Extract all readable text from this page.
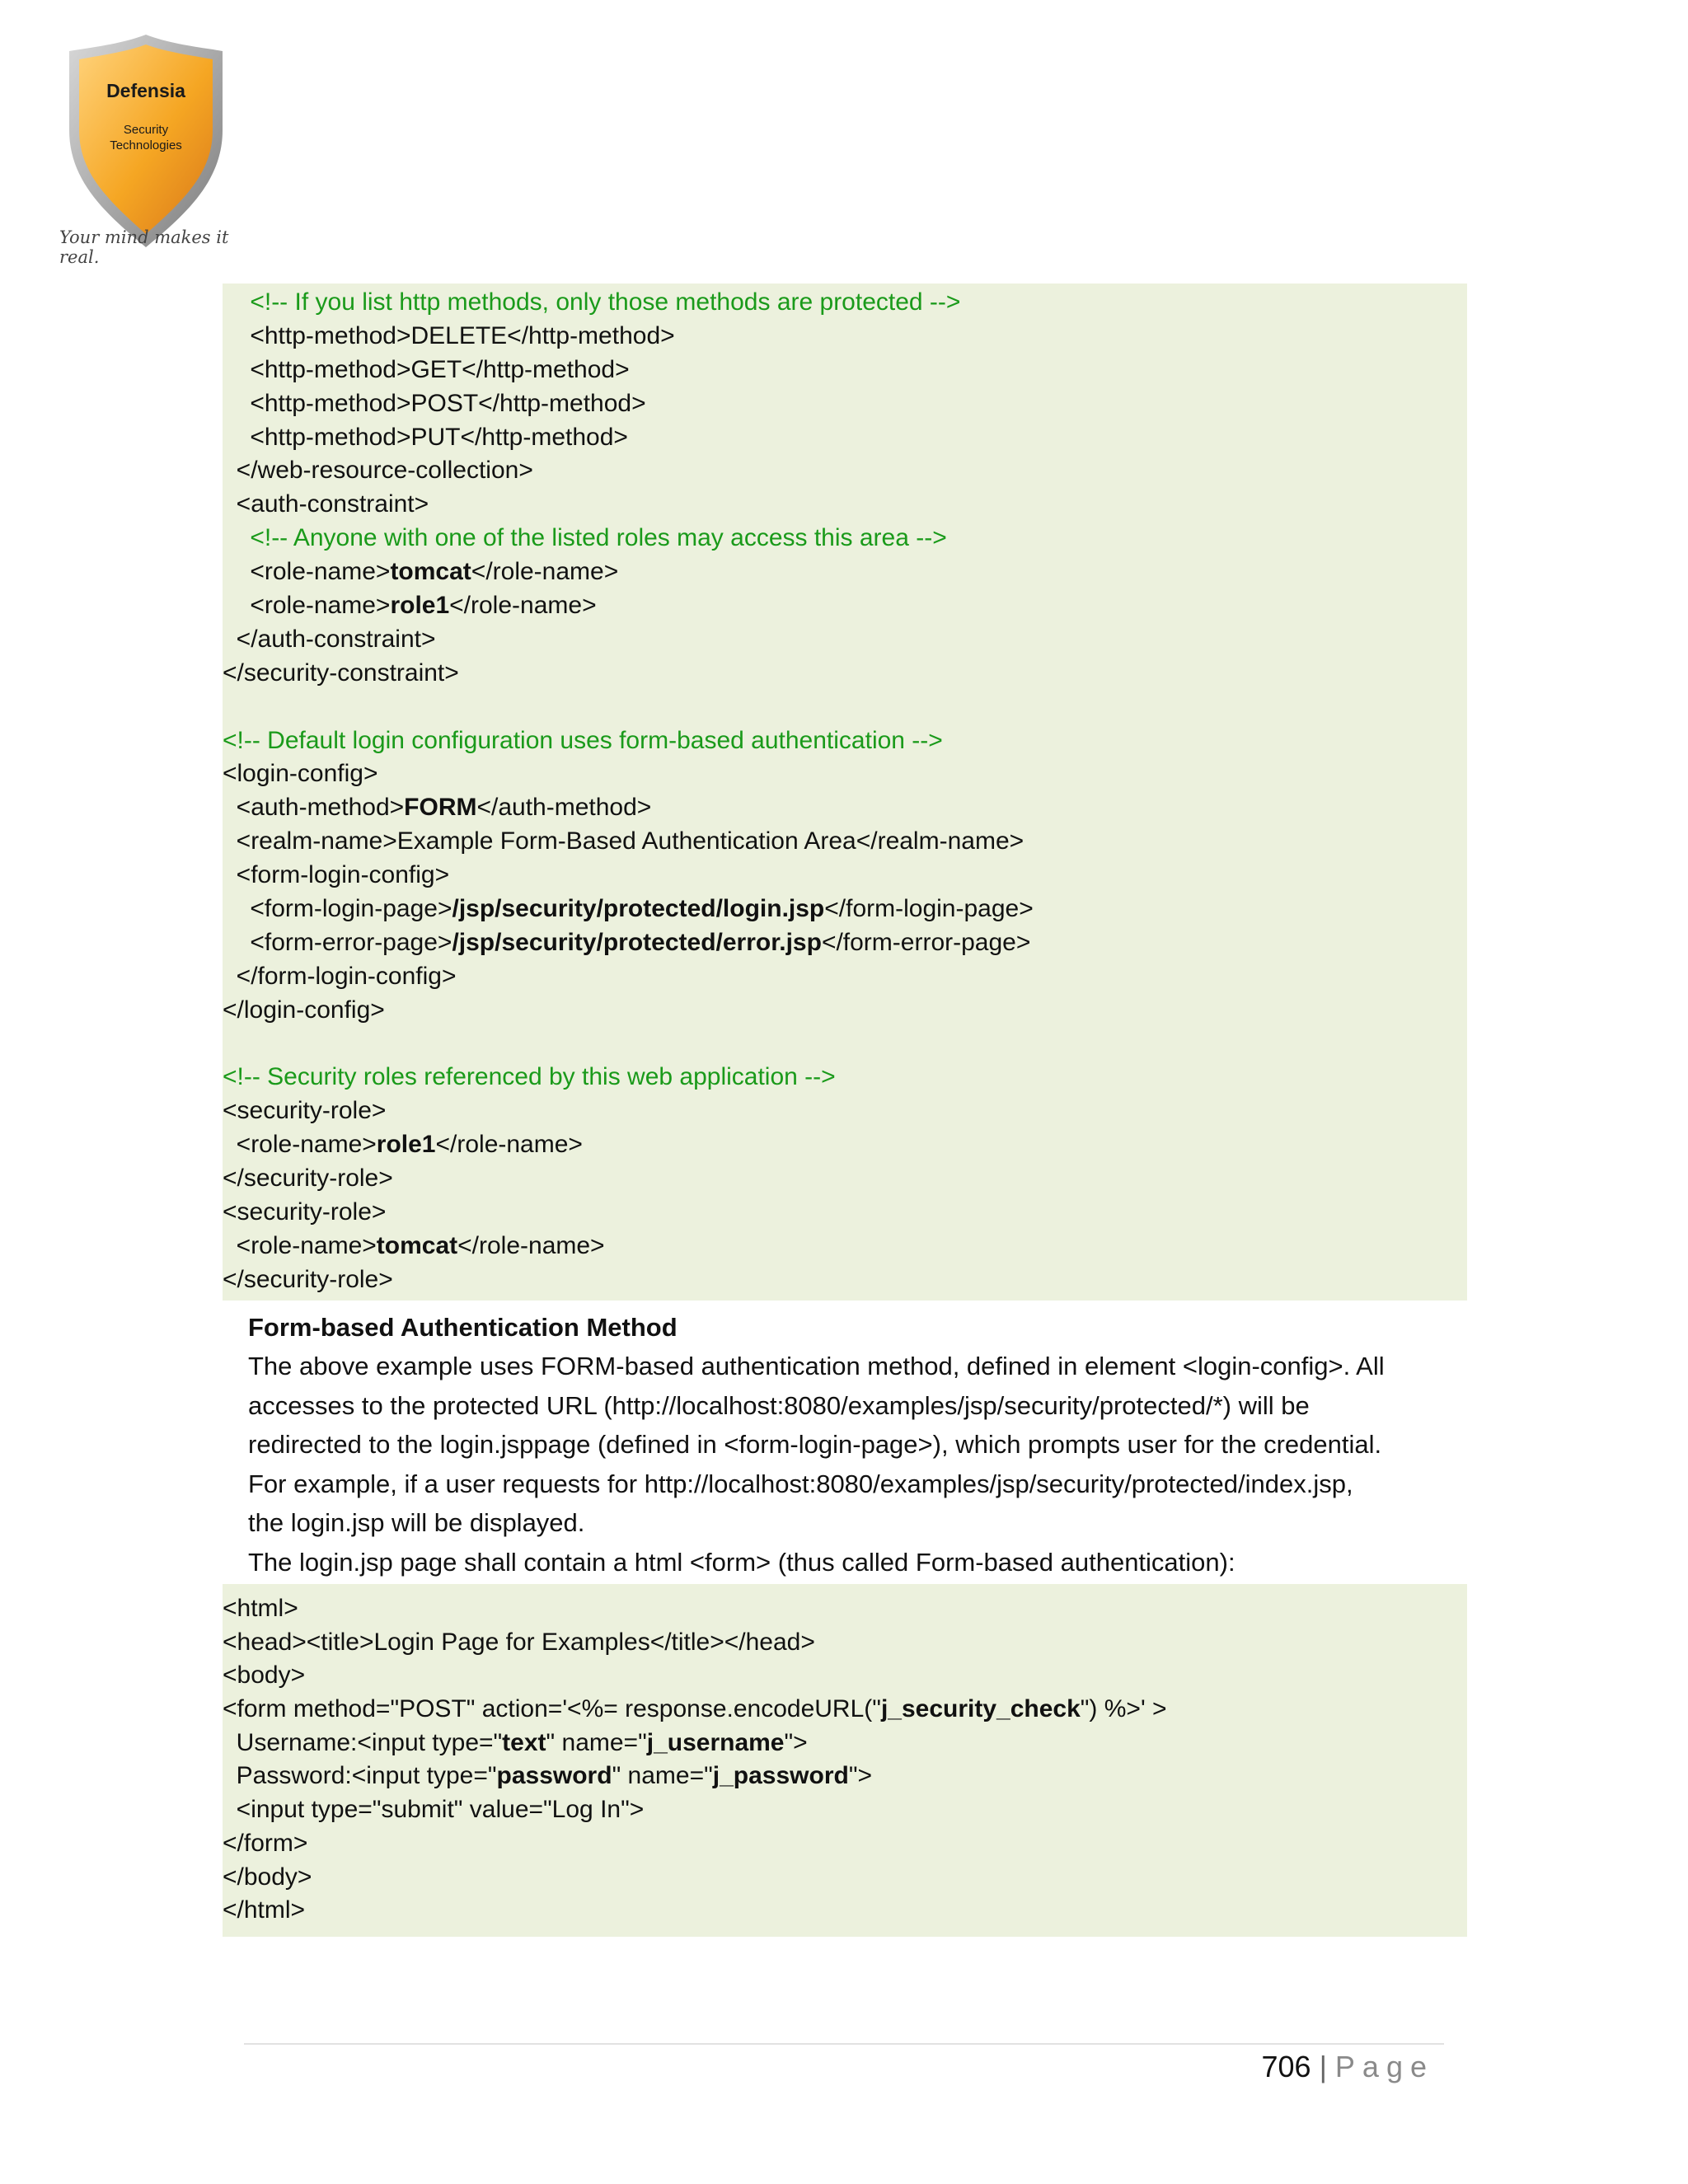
Defensia
Security
Technologies
Your mind makes it real.
<!-- If you list http methods, only those methods are protected -->
<http-method>DELETE</http-method>
<http-method>GET</http-method>
<http-method>POST</http-method>
<http-method>PUT</http-method>
</web-resource-collection>
<auth-constraint>
<!-- Anyone with one of the listed roles may access this area -->
<role-name>tomcat</role-name>
<role-name>role1</role-name>
</auth-constraint>
</security-constraint>
<!-- Default login configuration uses form-based authentication -->
<login-config>
<auth-method>FORM</auth-method>
<realm-name>Example Form-Based Authentication Area</realm-name>
<form-login-config>
<form-login-page>/jsp/security/protected/login.jsp</form-login-page>
<form-error-page>/jsp/security/protected/error.jsp</form-error-page>
</form-login-config>
</login-config>
<!-- Security roles referenced by this web application -->
<security-role>
<role-name>role1</role-name>
</security-role>
<security-role>
<role-name>tomcat</role-name>
</security-role>
Form-based Authentication Method

The above example uses FORM-based authentication method, defined in element <login-config>. All

accesses to the protected URL (http://localhost:8080/examples/jsp/security/protected/*) will be

redirected to the login.jsppage (defined in <form-login-page>), which prompts user for the credential.

For example, if a user requests for http://localhost:8080/examples/jsp/security/protected/index.jsp,

the login.jsp will be displayed.

The login.jsp page shall contain a html <form> (thus called Form-based authentication):

<html>
<head><title>Login Page for Examples</title></head>
<body>
<form method="POST" action='<%= response.encodeURL("j_security_check") %>' >
Username:<input type="text" name="j_username">
Password:<input type="password" name="j_password">
<input type="submit" value="Log In">
</form>
</body>
</html>
706 | Page
